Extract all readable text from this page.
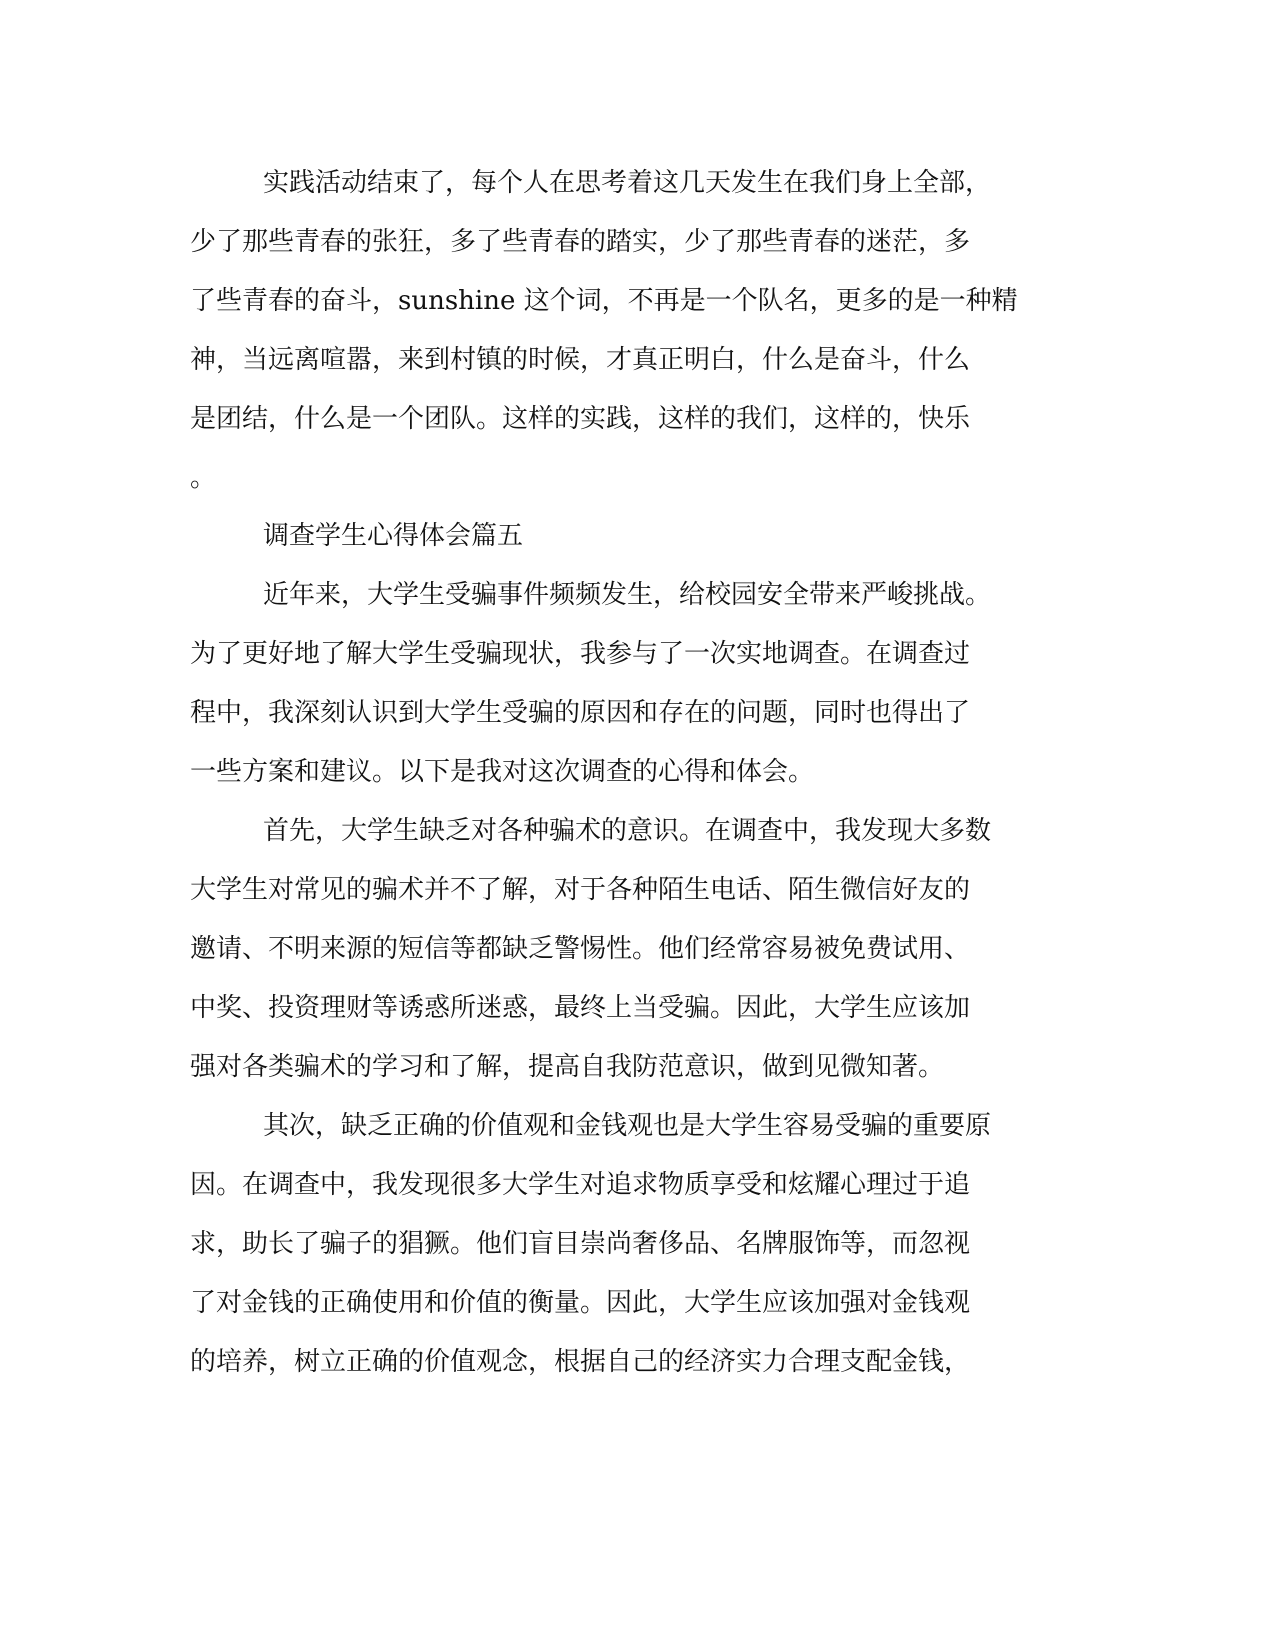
实践活动结束了，每个人在思考着这几天发生在我们身上全部，
少了那些青春的张狂，多了些青春的踏实，少了那些青春的迷茫，多
了些青春的奋斗，sunshine 这个词，不再是一个队名，更多的是一种精
神，当远离喧嚣，来到村镇的时候，才真正明白，什么是奋斗，什么
是团结，什么是一个团队。这样的实践，这样的我们，这样的，快乐
。
调查学生心得体会篇五
近年来，大学生受骗事件频频发生，给校园安全带来严峻挑战。
为了更好地了解大学生受骗现状，我参与了一次实地调查。在调查过
程中，我深刻认识到大学生受骗的原因和存在的问题，同时也得出了
一些方案和建议。以下是我对这次调查的心得和体会。
首先，大学生缺乏对各种骗术的意识。在调查中，我发现大多数
大学生对常见的骗术并不了解，对于各种陌生电话、陌生微信好友的
邀请、不明来源的短信等都缺乏警惕性。他们经常容易被免费试用、
中奖、投资理财等诱惑所迷惑，最终上当受骗。因此，大学生应该加
强对各类骗术的学习和了解，提高自我防范意识，做到见微知著。
其次，缺乏正确的价值观和金钱观也是大学生容易受骗的重要原
因。在调查中，我发现很多大学生对追求物质享受和炫耀心理过于追
求，助长了骗子的猖獗。他们盲目崇尚奢侈品、名牌服饰等，而忽视
了对金钱的正确使用和价值的衡量。因此，大学生应该加强对金钱观
的培养，树立正确的价值观念，根据自己的经济实力合理支配金钱，
